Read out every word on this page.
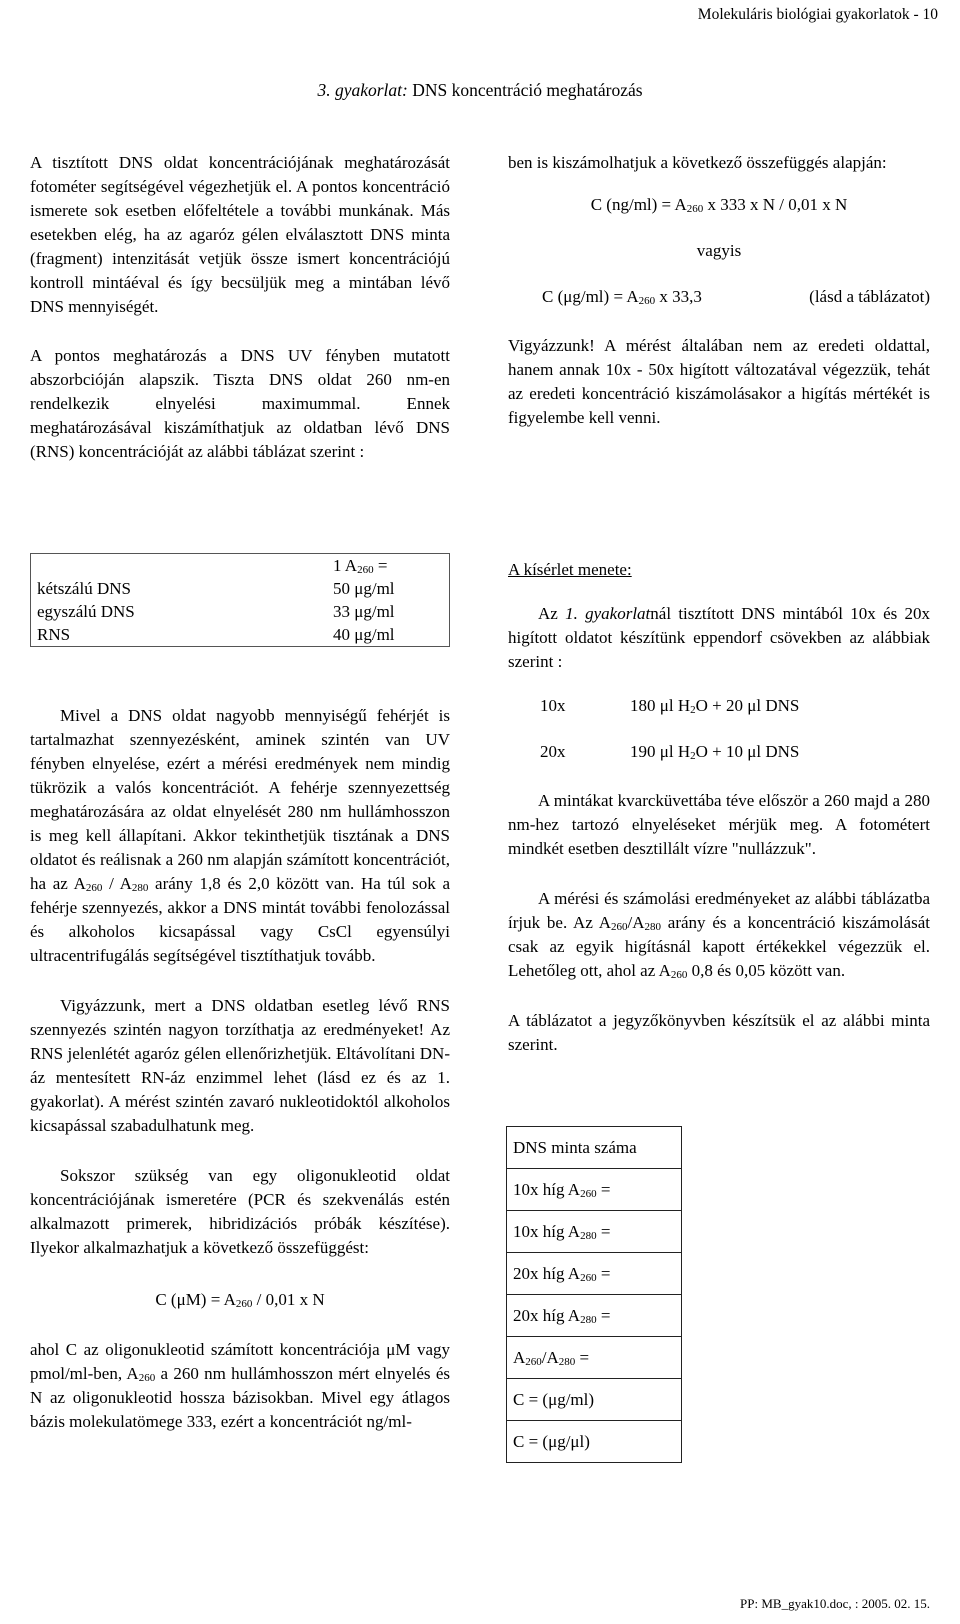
Molekuláris biológiai gyakorlatok - 10
3. gyakorlat: DNS koncentráció meghatározás

A tisztított DNS oldat koncentrációjának meghatározását fotométer segítségével végezhetjük el. A pontos koncentráció ismerete sok esetben előfeltétele a további munkának. Más esetekben elég, ha az agaróz gélen elválasztott DNS minta (fragment) intenzitását vetjük össze ismert koncentrációjú kontroll mintáéval és így becsüljük meg a mintában lévő DNS mennyiségét.

A pontos meghatározás a DNS UV fényben mutatott abszorbcióján alapszik. Tiszta DNS oldat 260 nm-en rendelkezik elnyelési maximummal. Ennek meghatározásával kiszámíthatjuk az oldatban lévő DNS (RNS) koncentrációját az alábbi táblázat szerint :

ben is kiszámolhatjuk a következő összefüggés alapján:

C $(ng/ml) = A_{260}$ x 333 x N / 0,01 x N
vagyis
C $(\mu g/ml) = A_{260}$ x 33,3	(lásd a táblázatot)

Vigyázzunk! A mérést általában nem az eredeti oldattal, hanem annak 10x - 50x higított változatával végezzük, tehát az eredeti koncentráció kiszámolásakor a higítás mértékét is figyelembe kell venni.

	1 $A_{260}$ =
kétszálú DNS	50 μg/ml
egyszálú DNS	33 μg/ml
RNS	40 μg/ml

Mivel a DNS oldat nagyobb mennyiségű fehérjét is tartalmazhat szennyezésként, aminek szintén van UV fényben elnyelése, ezért a mérési eredmények nem mindig tükrözik a valós koncentrációt. A fehérje szennyezettség meghatározására az oldat elnyelését 280 nm hullámhosszon is meg kell állapítani. Akkor tekinthetjük tisztának a DNS oldatot és reálisnak a 260 nm alapján számított koncentrációt, ha az $A_{260} / A_{280}$ arány 1,8 és 2,0 között van. Ha túl sok a fehérje szennyezés, akkor a DNS mintát további fenolozással és alkoholos kicsapással vagy CsCl egyensúlyi ultracentrifugálás segítségével tisztíthatjuk tovább.

Vigyázzunk, mert a DNS oldatban esetleg lévő RNS szennyezés szintén nagyon torzíthatja az eredményeket! Az RNS jelenlétét agaróz gélen ellenőrizhetjük. Eltávolítani DN-áz mentesített RN-áz enzimmel lehet (lásd ez és az 1. gyakorlat). A mérést szintén zavaró nukleotidoktól alkoholos kicsapással szabadulhatunk meg.

Sokszor szükség van egy oligonukleotid oldat koncentrációjának ismeretére (PCR és szekvenálás estén alkalmazott primerek, hibridizációs próbák készítése). Ilyekor alkalmazhatjuk a következő összefüggést:

C $(\mu M) = A_{260} / 0,01$ x N

ahol C az oligonukleotid számított koncentrációja μM vagy pmol/ml-ben, $A_{260}$ a 260 nm hullámhosszon mért elnyelés és N az oligonukleotid hossza bázisokban. Mivel egy átlagos bázis molekulatömege 333, ezért a koncentrációt ng/ml-

A kísérlet menete:

Az 1. gyakorlatnál tisztított DNS mintából 10x és 20x higított oldatot készítünk eppendorf csövekben az alábbiak szerint :

10x	180 μl $H_2O + 20$ μl DNS
20x	190 μl $H_2O + 10$ μl DNS

A mintákat kvarcküvettába téve először a 260 majd a 280 nm-hez tartozó elnyeléseket mérjük meg. A fotométert mindkét esetben desztillált vízre "nullázzuk".

A mérési és számolási eredményeket az alábbi táblázatba írjuk be. Az $A_{260}/A_{280}$ arány és a koncentráció kiszámolását csak az egyik higításnál kapott értékekkel végezzük el. Lehetőleg ott, ahol az $A_{260}$ 0,8 és 0,05 között van.

A táblázatot a jegyzőkönyvben készítsük el az alábbi minta szerint.

DNS minta száma
10x híg $A_{260}$ =
10x híg $A_{280}$ =
20x híg $A_{260}$ =
20x híg $A_{280}$ =
$A_{260}/A_{280}$ =
C = (μg/ml)
C = (μg/μl)
PP: MB_gyak10.doc, : 2005. 02. 15.
